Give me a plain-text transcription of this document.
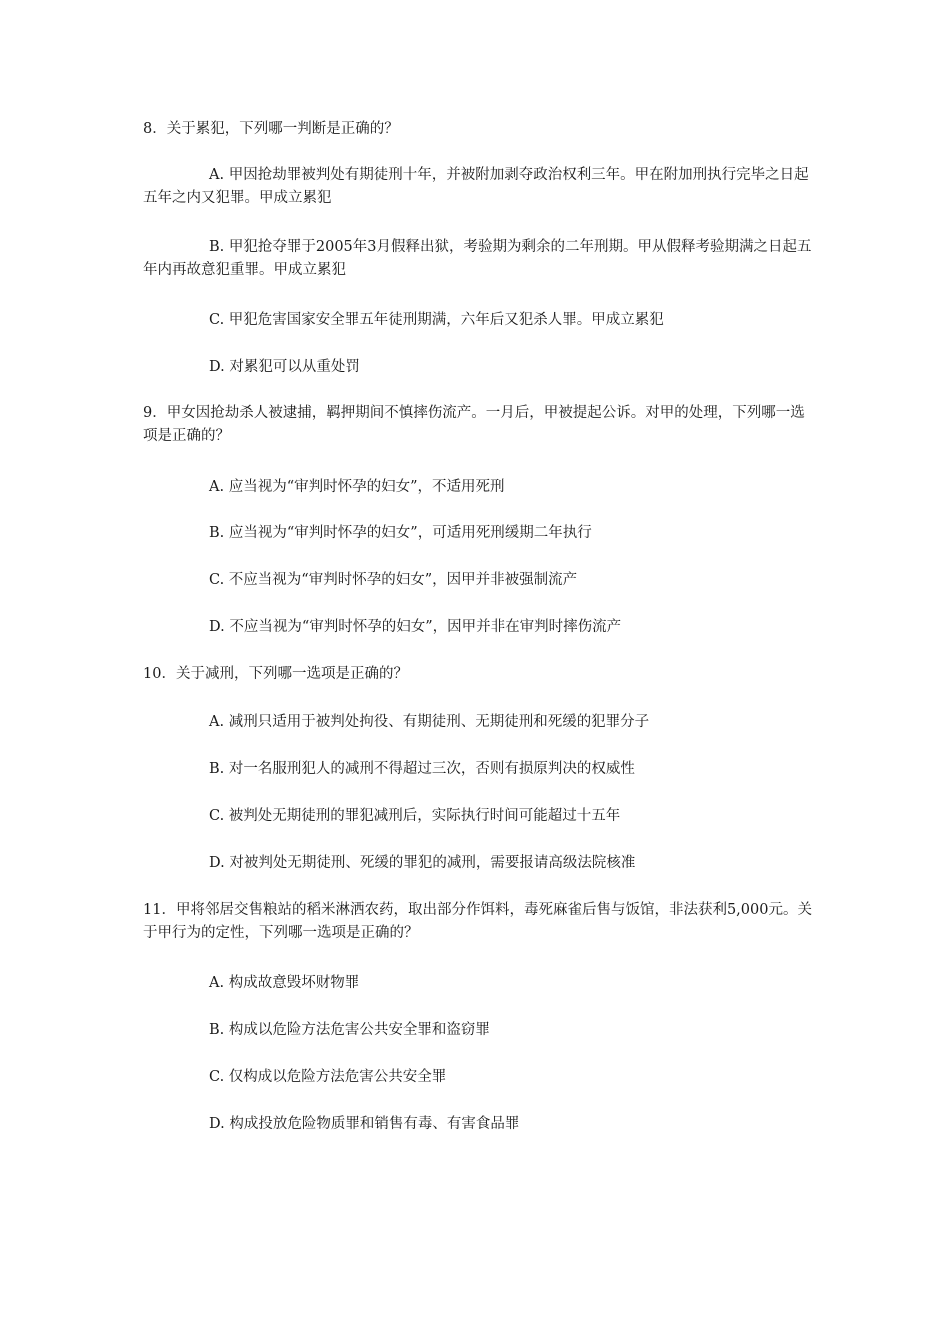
8．关于累犯，下列哪一判断是正确的？
A. 甲因抢劫罪被判处有期徒刑十年，并被附加剥夺政治权利三年。甲在附加刑执行完毕之日起五年之内又犯罪。甲成立累犯
B. 甲犯抢夺罪于2005年3月假释出狱，考验期为剩余的二年刑期。甲从假释考验期满之日起五年内再故意犯重罪。甲成立累犯
C. 甲犯危害国家安全罪五年徒刑期满，六年后又犯杀人罪。甲成立累犯
D. 对累犯可以从重处罚
9．甲女因抢劫杀人被逮捕，羁押期间不慎摔伤流产。一月后，甲被提起公诉。对甲的处理，下列哪一选项是正确的？
A. 应当视为“审判时怀孕的妇女”，不适用死刑
B. 应当视为“审判时怀孕的妇女”，可适用死刑缓期二年执行
C. 不应当视为“审判时怀孕的妇女”，因甲并非被强制流产
D. 不应当视为“审判时怀孕的妇女”，因甲并非在审判时摔伤流产
10．关于减刑，下列哪一选项是正确的？
A. 减刑只适用于被判处拘役、有期徒刑、无期徒刑和死缓的犯罪分子
B. 对一名服刑犯人的减刑不得超过三次，否则有损原判决的权威性
C. 被判处无期徒刑的罪犯减刑后，实际执行时间可能超过十五年
D. 对被判处无期徒刑、死缓的罪犯的减刑，需要报请高级法院核准
11．甲将邻居交售粮站的稻米淋洒农药，取出部分作饵料，毒死麻雀后售与饭馆，非法获利5,000元。关于甲行为的定性，下列哪一选项是正确的？
A. 构成故意毁坏财物罪
B. 构成以危险方法危害公共安全罪和盗窃罪
C. 仅构成以危险方法危害公共安全罪
D. 构成投放危险物质罪和销售有毒、有害食品罪
